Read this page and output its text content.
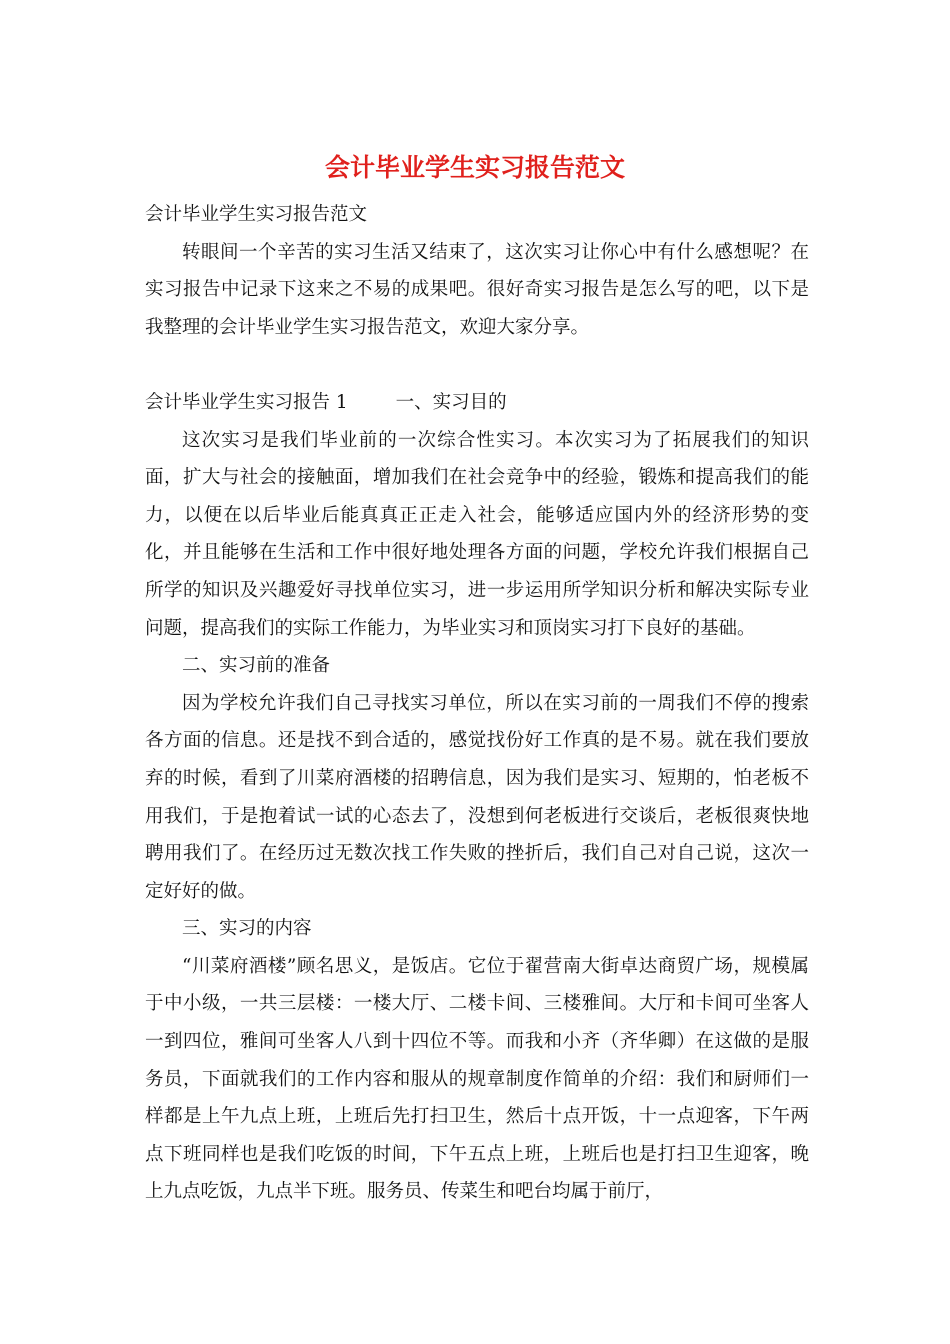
会计毕业学生实习报告范文

会计毕业学生实习报告范文

转眼间一个辛苦的实习生活又结束了，这次实习让你心中有什么感想呢？在实习报告中记录下这来之不易的成果吧。很好奇实习报告是怎么写的吧，以下是我整理的会计毕业学生实习报告范文，欢迎大家分享。

会计毕业学生实习报告 1	一、实习目的

这次实习是我们毕业前的一次综合性实习。本次实习为了拓展我们的知识面，扩大与社会的接触面，增加我们在社会竞争中的经验，锻炼和提高我们的能力，以便在以后毕业后能真真正正走入社会，能够适应国内外的经济形势的变化，并且能够在生活和工作中很好地处理各方面的问题，学校允许我们根据自己所学的知识及兴趣爱好寻找单位实习，进一步运用所学知识分析和解决实际专业问题，提高我们的实际工作能力，为毕业实习和顶岗实习打下良好的基础。

二、实习前的准备

因为学校允许我们自己寻找实习单位，所以在实习前的一周我们不停的搜索各方面的信息。还是找不到合适的，感觉找份好工作真的是不易。就在我们要放弃的时候，看到了川菜府酒楼的招聘信息，因为我们是实习、短期的，怕老板不用我们，于是抱着试一试的心态去了，没想到何老板进行交谈后，老板很爽快地聘用我们了。在经历过无数次找工作失败的挫折后，我们自己对自己说，这次一定好好的做。

三、实习的内容

“川菜府酒楼”顾名思义，是饭店。它位于翟营南大街卓达商贸广场，规模属于中小级，一共三层楼：一楼大厅、二楼卡间、三楼雅间。大厅和卡间可坐客人一到四位，雅间可坐客人八到十四位不等。而我和小齐（齐华卿）在这做的是服务员，下面就我们的工作内容和服从的规章制度作简单的介绍：我们和厨师们一样都是上午九点上班，上班后先打扫卫生，然后十点开饭，十一点迎客，下午两点下班同样也是我们吃饭的时间，下午五点上班，上班后也是打扫卫生迎客，晚上九点吃饭，九点半下班。服务员、传菜生和吧台均属于前厅，
